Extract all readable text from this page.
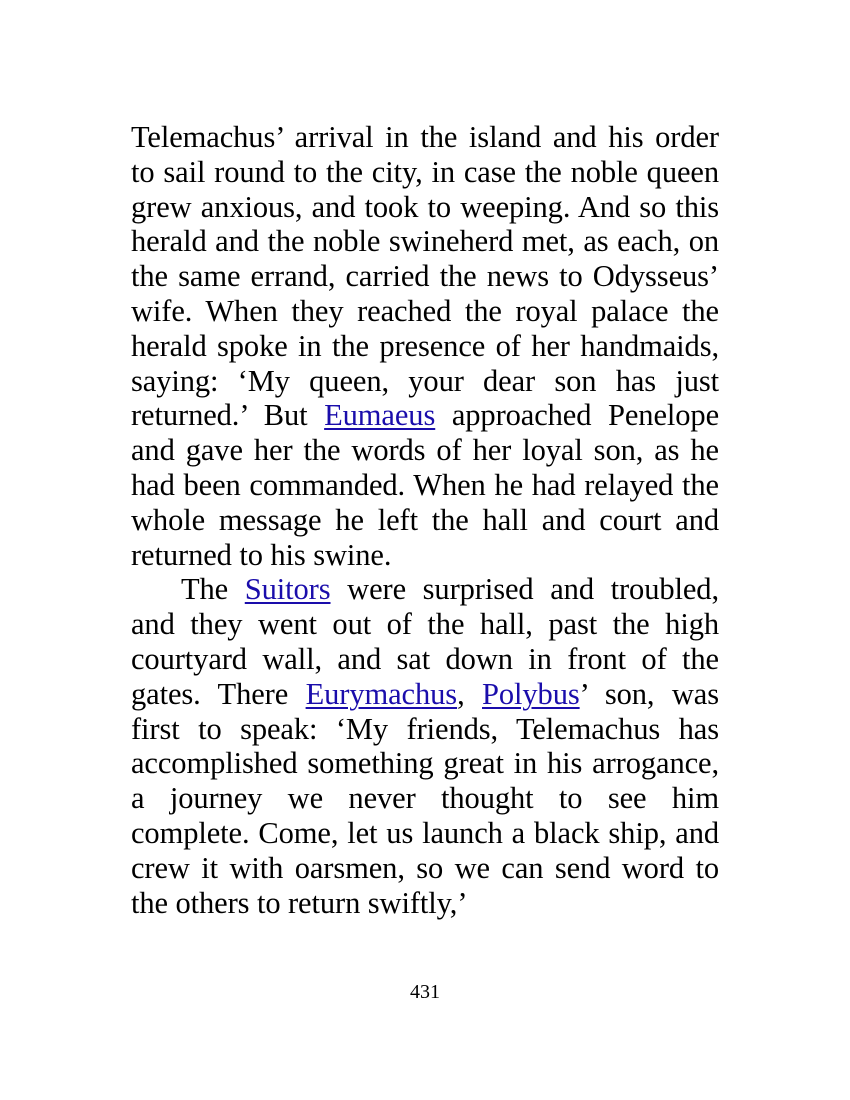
Telemachus’ arrival in the island and his order to sail round to the city, in case the noble queen grew anxious, and took to weeping. And so this herald and the noble swineherd met, as each, on the same errand, carried the news to Odysseus’ wife. When they reached the royal palace the herald spoke in the presence of her handmaids, saying: ‘My queen, your dear son has just returned.’ But Eumaeus approached Penelope and gave her the words of her loyal son, as he had been commanded. When he had relayed the whole message he left the hall and court and returned to his swine.

The Suitors were surprised and troubled, and they went out of the hall, past the high courtyard wall, and sat down in front of the gates. There Eurymachus, Polybus’ son, was first to speak: ‘My friends, Telemachus has accomplished something great in his arrogance, a journey we never thought to see him complete. Come, let us launch a black ship, and crew it with oarsmen, so we can send word to the others to return swiftly,’

431
